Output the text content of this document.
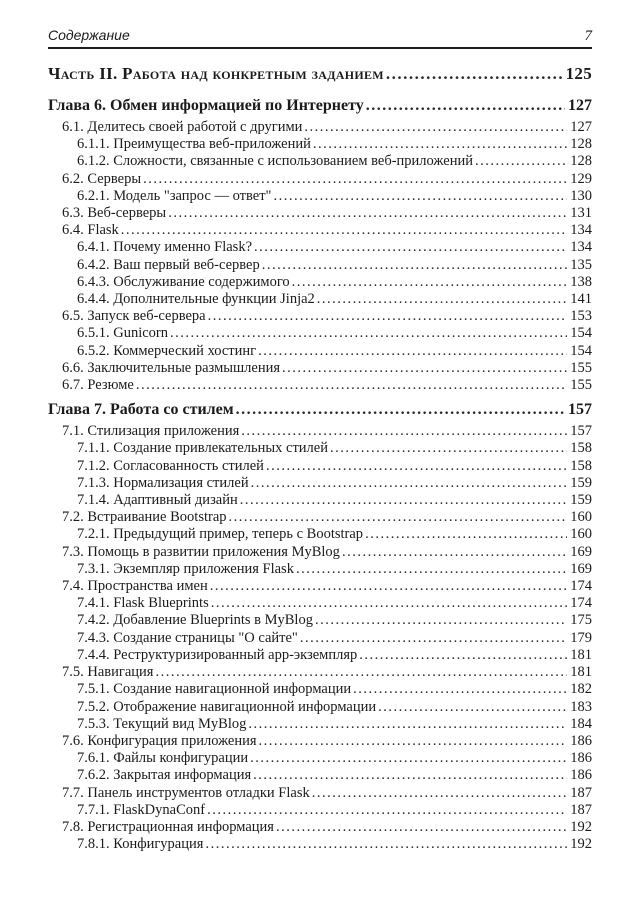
Содержание	7
Часть II. Работа над конкретным заданием .....	125
Глава 6. Обмен информацией по Интернету .....	127
6.1. Делитесь своей работой с другими .....	127
6.1.1. Преимущества веб-приложений .....	128
6.1.2. Сложности, связанные с использованием веб-приложений .....	128
6.2. Серверы .....	129
6.2.1. Модель "запрос — ответ" .....	130
6.3. Веб-серверы .....	131
6.4. Flask .....	134
6.4.1. Почему именно Flask? .....	134
6.4.2. Ваш первый веб-сервер .....	135
6.4.3. Обслуживание содержимого .....	138
6.4.4. Дополнительные функции Jinja2 .....	141
6.5. Запуск веб-сервера .....	153
6.5.1. Gunicorn .....	154
6.5.2. Коммерческий хостинг .....	154
6.6. Заключительные размышления .....	155
6.7. Резюме .....	155
Глава 7. Работа со стилем .....	157
7.1. Стилизация приложения .....	157
7.1.1. Создание привлекательных стилей .....	158
7.1.2. Согласованность стилей .....	158
7.1.3. Нормализация стилей .....	159
7.1.4. Адаптивный дизайн .....	159
7.2. Встраивание Bootstrap .....	160
7.2.1. Предыдущий пример, теперь с Bootstrap .....	160
7.3. Помощь в развитии приложения MyBlog .....	169
7.3.1. Экземпляр приложения Flask .....	169
7.4. Пространства имен .....	174
7.4.1. Flask Blueprints .....	174
7.4.2. Добавление Blueprints в MyBlog .....	175
7.4.3. Создание страницы "О сайте" .....	179
7.4.4. Реструктуризированный app-экземпляр .....	181
7.5. Навигация .....	181
7.5.1. Создание навигационной информации .....	182
7.5.2. Отображение навигационной информации .....	183
7.5.3. Текущий вид MyBlog .....	184
7.6. Конфигурация приложения .....	186
7.6.1. Файлы конфигурации .....	186
7.6.2. Закрытая информация .....	186
7.7. Панель инструментов отладки Flask .....	187
7.7.1. FlaskDynaConf .....	187
7.8. Регистрационная информация .....	192
7.8.1. Конфигурация .....	192
